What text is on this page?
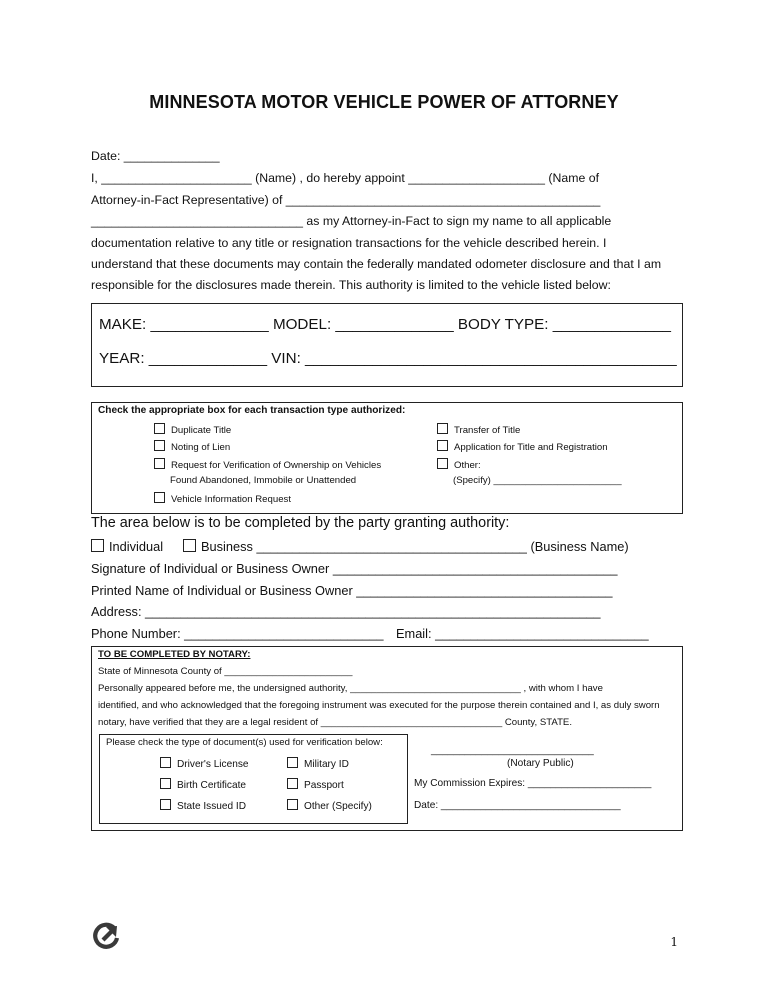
MINNESOTA MOTOR VEHICLE POWER OF ATTORNEY
Date: ______________
I, ______________________ (Name) , do hereby appoint ____________________ (Name of
Attorney-in-Fact Representative) of ______________________________________________
_______________________________ as my Attorney-in-Fact to sign my name to all applicable
documentation relative to any title or resignation transactions for the vehicle described herein. I
understand that these documents may contain the federally mandated odometer disclosure and that I am
responsible for the disclosures made therein. This authority is limited to the vehicle listed below:
MAKE: ______________ MODEL: ______________ BODY TYPE: ______________
YEAR: ______________ VIN: ____________________________________________
Check the appropriate box for each transaction type authorized:
Duplicate Title
Noting of Lien
Request for Verification of Ownership on Vehicles
Found Abandoned, Immobile or Unattended
Vehicle Information Request
Transfer of Title
Application for Title and Registration
Other:
(Specify) ________________________
The area below is to be completed by the party granting authority:
Individual	Business ______________________________________ (Business Name)
Signature of Individual or Business Owner ________________________________________
Printed Name of Individual or Business Owner ____________________________________
Address: ________________________________________________________________
Phone Number: ____________________________ Email: ______________________________
TO BE COMPLETED BY NOTARY:
State of Minnesota County of ________________________
Personally appeared before me, the undersigned authority, ________________________________ , with whom I have
identified, and who acknowledged that the foregoing instrument was executed for the purpose therein contained and I, as duly sworn
notary, have verified that they are a legal resident of __________________________________ County, STATE.
Please check the type of document(s) used for verification below:
Driver's License
Birth Certificate
State Issued ID
Military ID
Passport
Other (Specify)
_____________________________
(Notary Public)
My Commission Expires: ______________________
Date: ________________________________
1
